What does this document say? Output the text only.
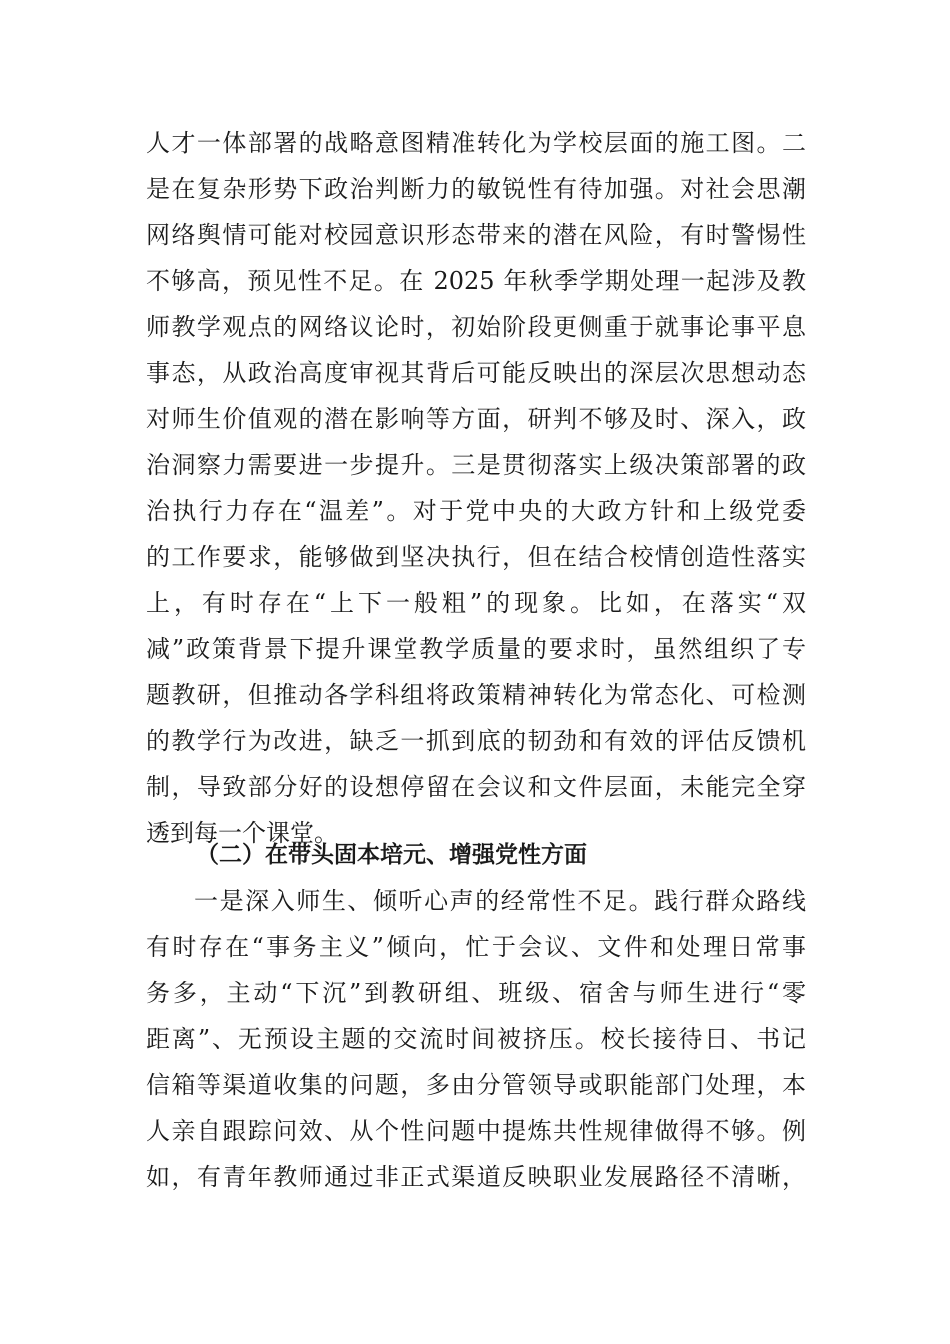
人才一体部署的战略意图精准转化为学校层面的施工图。二
是在复杂形势下政治判断力的敏锐性有待加强。对社会思潮
网络舆情可能对校园意识形态带来的潜在风险，有时警惕性
不够高，预见性不足。在 2025 年秋季学期处理一起涉及教
师教学观点的网络议论时，初始阶段更侧重于就事论事平息
事态，从政治高度审视其背后可能反映出的深层次思想动态
对师生价值观的潜在影响等方面，研判不够及时、深入，政
治洞察力需要进一步提升。三是贯彻落实上级决策部署的政
治执行力存在“温差”。对于党中央的大政方针和上级党委
的工作要求，能够做到坚决执行，但在结合校情创造性落实
上，有时存在“上下一般粗”的现象。比如，在落实“双
减”政策背景下提升课堂教学质量的要求时，虽然组织了专
题教研，但推动各学科组将政策精神转化为常态化、可检测
的教学行为改进，缺乏一抓到底的韧劲和有效的评估反馈机
制，导致部分好的设想停留在会议和文件层面，未能完全穿
透到每一个课堂。
（二）在带头固本培元、增强党性方面
一是深入师生、倾听心声的经常性不足。践行群众路线
有时存在“事务主义”倾向，忙于会议、文件和处理日常事
务多，主动“下沉”到教研组、班级、宿舍与师生进行“零
距离”、无预设主题的交流时间被挤压。校长接待日、书记
信箱等渠道收集的问题，多由分管领导或职能部门处理，本
人亲自跟踪问效、从个性问题中提炼共性规律做得不够。例
如，有青年教师通过非正式渠道反映职业发展路径不清晰，
